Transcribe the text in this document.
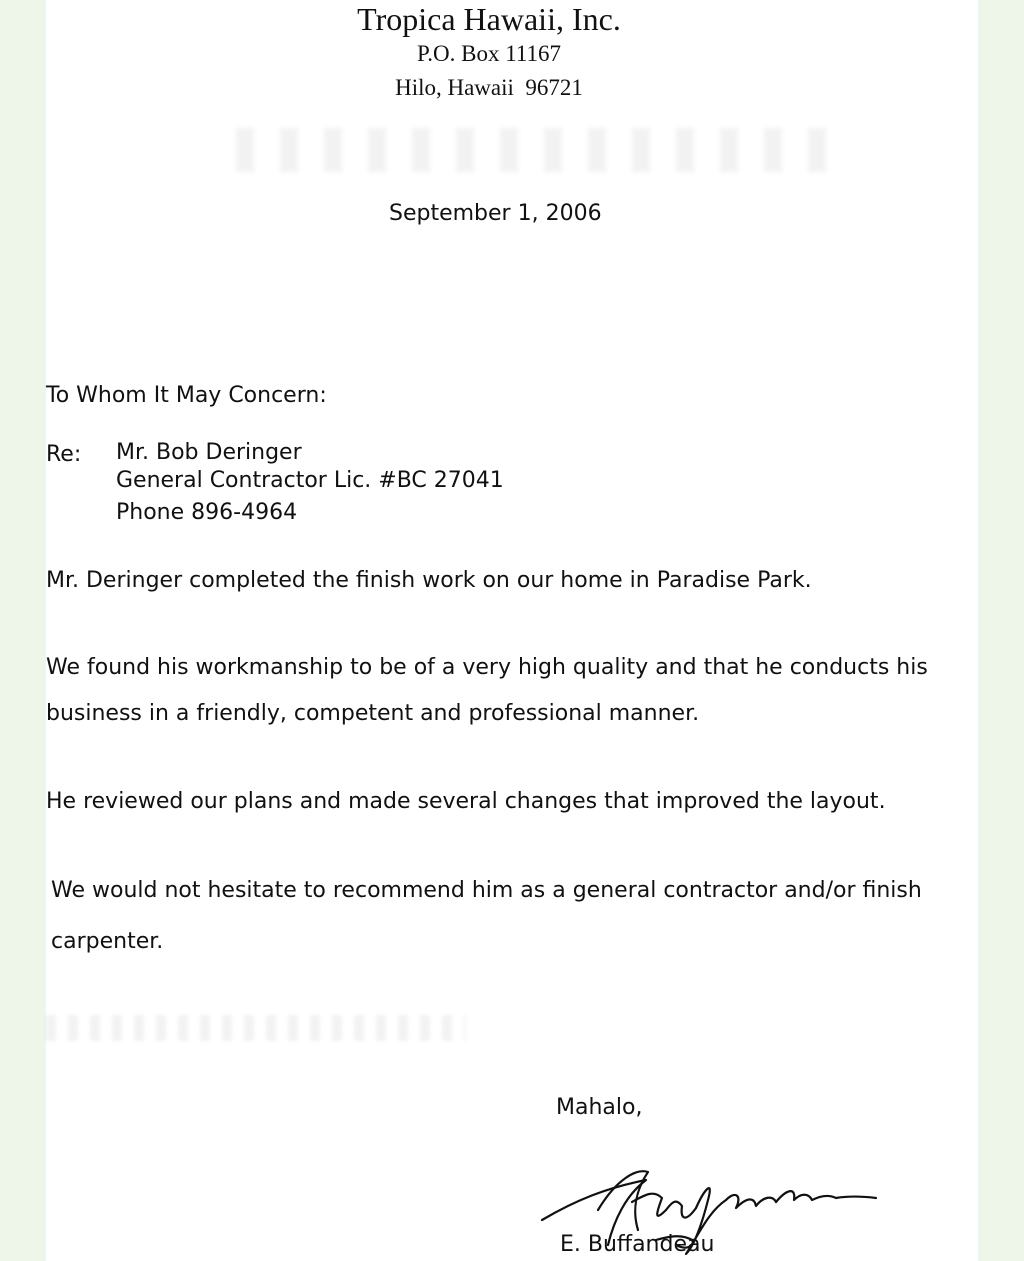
Tropica Hawaii, Inc.
P.O. Box 11167
Hilo, Hawaii  96721
September 1, 2006
To Whom It May Concern:
Re: Mr. Bob Deringer
General Contractor Lic. #BC 27041
Phone 896-4964
Mr. Deringer completed the finish work on our home in Paradise Park.
We found his workmanship to be of a very high quality and that he conducts his
business in a friendly, competent and professional manner.
He reviewed our plans and made several changes that improved the layout.
We would not hesitate to recommend him as a general contractor and/or finish
carpenter.
Mahalo,
E. Buffandeau
